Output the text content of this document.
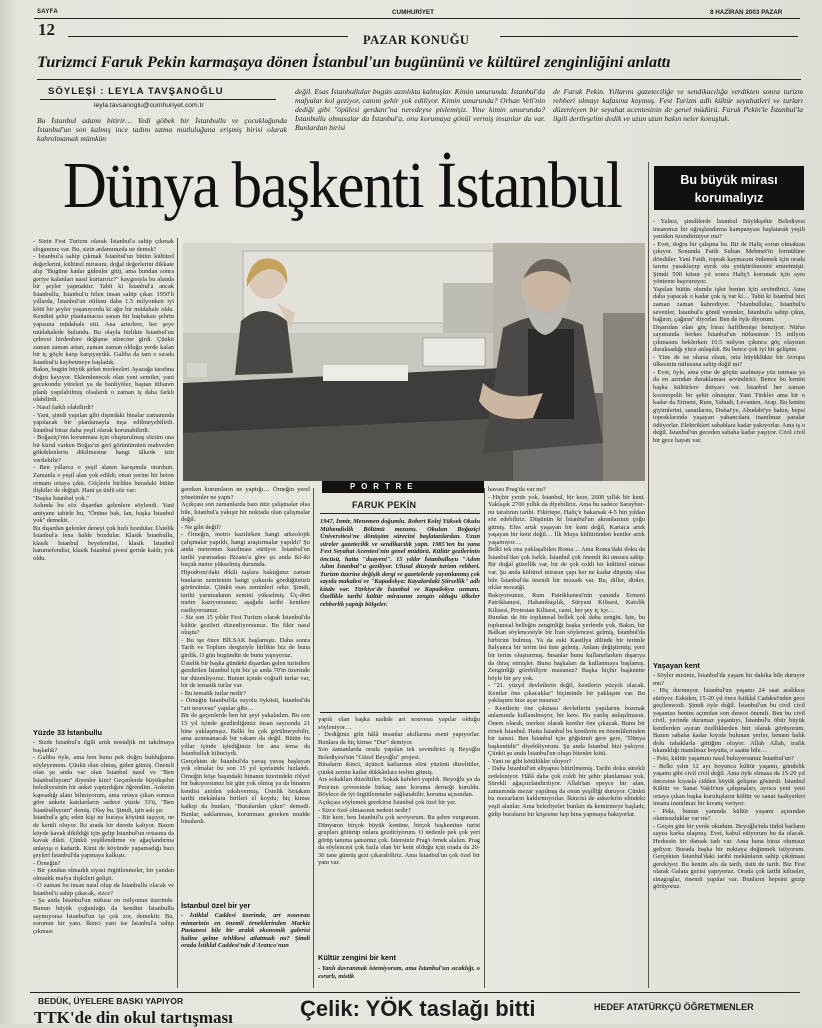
SAYFA	CUMHURİYET	8 HAZİRAN 2003 PAZAR
12
PAZAR KONUĞU
Turizmci Faruk Pekin karmaşaya dönen İstanbul'un bugününü ve kültürel zenginliğini anlattı
SÖYLEŞİ : LEYLA TAVŞANOĞLU
leyla.tavsanoglu@cumhuriyet.com.tr
Bu İstanbul adamı bitirir… Yedi göbek bir İstanbullu ve çocukluğunda İstanbul'un son kalmış ince tadını tatma mutluluğuna erişmiş birisi olarak kahrolmamak mümkün
değil. Esas İstanbullular bugün azınlıkta kalmışlar. Kimin umurunda. İstanbul'da mafyalar kol geziyor, canım şehir yok ediliyor. Kimin umurunda? Orhan Veli'nin dediği gibi "öpülesi gerdanı"na neredeyse pislemişiz. Yine kimin umurunda? İstanbullu olmasalar da İstanbul'a, onu korumaya gönül vermiş insanlar da var. Bunlardan birisi
de Faruk Pekin. Yıllarını gazeteciliğe ve sendikacılığa verdikten sonra turizm rehberi olmayı kafasına koymuş. Fest Turizm adlı kültür seyahatleri ve turları düzenleyen bir seyahat acentesinin de genel müdürü. Faruk Pekin'le İstanbul'la ilgili dertleşelim dedik ve uzun uzun bakın neler konuştuk.
Dünya başkenti İstanbul	Bu büyük mirası korumalıyız

- Yalnız, şimdilerde İstanbul Büyükşehir Belediyesi insanımız bir uğraşlandırma kampanyası başlatarak yeşili yeniden özendirmiyor mu?
- Evet, doğru bir çalışma bu. Bir de Haliç sorun olmaktan çıkıyor. Sonunda Fatih Sultan Mehmet'in formülüne döndüler. Yani Fatih, toprak kaymasını önlemek için orada tarımı yasaklayıp ayrık otu yetiştirilmesini emretmişti. Şimdi 500 küsur yıl sonra Haliç'i korumak için aynı yönteme başvuruyor.
Yapılan bütün olumlu işler benim için sevindirici. Ama daha yapacak o kadar çok iş var ki… Tabii ki İstanbul bizi zaman zaman kahrediyor. "İstanbullular, İstanbul'u sevenler, İstanbul'a gönül verenler, İstanbul'a sahip çıkın, bağırın, çağırın" diyorlar. Ben de öyle diyorum.
Dışarıdan olan göç biraz hafiflemişe benziyor. Nüfus sayımında herkes İstanbul'un nüfusunun 15 milyon çıkmasını beklerken 10.5 milyon çıkınca göç olayının duraksadığı yüce anlaşıldı. Bu bence çok iyi bir gelişme.
- Yine de ne olursa olsun, orta büyüklükte bir Avrupa ülkesinin nüfusuna sahip değil mi?
- Evet, öyle, ama yine de göçün azalmaya yüz tutması ya da en azından duraklaması sevindirici. Bence bu kentin başka kültürlere ihtiyacı var. İstanbul her zaman kozmopolit bir şehir olmuştur. Yani Türkler ama bir o kadar da Ermeni, Rum, Yahudi, Levanten, Arap. Bu kentin giyimlerini, sanatlarını, Dubai'ye, Abudabi'ye bakın, hepsi topraklarında yaşayan yabancılara inanılmaz paralar ödüyorlar. Elektrikleri sabahlara kadar yakıyorlar. Ama iş o değil. İstanbul'un geceden sabaha kadar yaşıyor. Civil civil bir gece hayatı var.

Yaşayan kent

- Söyler misiniz, İstanbul'da yaşam bir dakika bile duruyor mu?
- Hiç durmuyor. İstanbul'un yaşamı 24 saat aralıksız sürüyor. Eskiden, 15-20 yıl önce İstiklal Caddesi'nden gece geçilemezdi. Şimdi öyle değil. İstanbul'un bu civil civil yaşantısı benim açımdan son derece önemli. Ben bu civil civil, yerinde duramaz yaşantıyı, İstanbul'u öbür büyük kentlerden ayıran özelliklerden biri olarak görüyorum. Bazen sabaha kadar kıyıda bulunan yerler, hemen balık dolu tabaklarla gittiğim oluyor. Allah Allah, trafik tıkanıklığı inanılmaz boyutta, o saatte bile…
- Peki, kültür yaşamını nasıl buluyorsunuz İstanbul'un?
- Belki yılın 12 ayı boyunca kültür yaşamı, gündelik yaşamı gibi civil civil değil. Ama öyle olmasa da 15-20 yıl öncesine kıyasla cidden büyük gelişme gösterdi. İstanbul Kültür ve Sanat Vakfı'nın çalışmaları, ayrıca yeni yeni ortaya çıkan başka kuruluşların kültür ve sanat faaliyetleri insana inanılmaz bir kıvanç veriyor.
- Peki, bunun yanında kültür yaşamı açısından olumsuzluklar var mı?
- Geçen gün bir yerde okudum. Beyoğlu'nda türkü barların sayısı karka ulaşmış. Evet, kabul ediyorum bu da olacak. Herkesin bir damak tadı var. Ama bana biraz olumsuz geliyor. Burada başka bir noktaya değinmek istiyorum. Gerçekten İstanbul'daki tarihi mekânların sahip çıkılması gerekiyor. Bu kentin altı da tarih, üstü de tarih. Biz Fest olarak Galata gezisi yapıyoruz. Orada çok tarihi kiliseler, sinagoglar, önemli yapılar var. Bunların hepsini gezip görüyoruz.

PORTRE

- Sizin Fest Turizm olarak İstanbul'a sahip çıkmak sloganınız var. Bu, sizin anlamınızda ne demek?
- İstanbul'a sahip çıkmak İstanbul'un bütün kültürel değerlerini, kültürel mirasını, doğal değerlerini dikkate alıp "Bugüne kadar gidenler gitti, ama bundan sonra geriye kalanları nasıl kurtarırız?" kaygısıyla bu alanda bir şeyler yapmaktır. Tabii ki İstanbul'a ancak İstanbullu, İstanbul'u bilen insan sahip çıkar. 1950'li yıllarda, İstanbul'un nüfusu daha 1.5 milyonken iyi kötü bir şeyler yaşanıyordu ki ağır bir müdahale oldu. Kendini şehir planlamacısı sanan bir başbakan şehrin yapısına müdahale etti. Ana arterlere, her şeye müdahalede bulundu. Bu olayla birlikte İstanbul'un çehresi birdenbire değişme sürecine girdi. Çünkü zaman zaman artan, zaman zaman olduğu yerde kalan bir iç göçle karşı karşıyaydık. Galiba da tam o sırada İstanbul'u kaybetmeye başladık.
Bakın, bugün büyük şirket merkezleri Ayazağa tarafına doğru kayıyor. Eklemlenecek olan yeni semtler, yani gecekondu yöreleri ya da banliyöler, baştan itibaren planlı yapılabilmiş olsalardı o zaman iş daha farklı olabilirdi.
- Nasıl farklı olabilirdi?
- Yani, şimdi yapılan gibi dışındaki binalar zamanında yapılacak bir planlamayla inşa edilmeyebilirdi. İstanbul biraz daha yeşil olarak korunabilirdi.
- Boğaziçi'nin korunması için oluşturulmuş sözüm ona bir kurul varken Boğaz'ın geri görünümünü mahveden gökdelenlerin dikilmesine hangi ülkede izin verilebilir?
- Ben yıllarca o yeşil alanın karışımda oturdum. Zamanla o yeşil alan yok edildi; onun yerine bir beton ormanı ortaya çıktı. Göçlerle birlikte buradaki bütün ilişkiler de değişti. Hani şu ünlü söz var:
"Başka İstanbul yok."
Aslında bu söz dışardan gelenlere söylendi. Yani amiyane tabirle bu, "Önüne bak, lan, başka İstanbul yok" demekti.
Bu dışardan gelenler deneyi çok hızlı bozdular. Üstelik İstanbul'a fena halde bozdular. Klasik İstanbullu, klasik İstanbul beyefendisi, klasik İstanbul hanımefendisi, klasik İstanbul şivesi geride kaldı; yok oldu.

Yüzde 33 İstanbullu

- Sizde İstanbul'a ilgili artık nostaljik mi takılmaya başladık?
- Galiba öyle, ama ben bunu pek doğru bulduğumu söyleyemem. Çünkü olan olmuş, giden gitmiş. Önemli olan şu anda var olan İstanbul nasıl ve "Ben İstanbulluyum" diyenler kim? Geçenlerde büyükşehir belediyesinin bir anket yaptırdığını öğrendim. Anketin kapsadığı alanı bilmiyorum, ama ortaya çıkan sonuca göre ankete katılanların sadece yüzde 33'ü, "Ben İstanbulluyum" demiş. Olay bu. Şimdi, işin aslı şu:
İstanbul'a göç eden kişi ne buraya köyünü taşıyor, ne de kentli oluyor. İki arada bir derede kalıyor. Bazen köyde kavak dikildiği için gelip İstanbul'un ortasına da kavak dikti. Çünkü yeşillendirme ve ağaçlandırma anlayışı o kadardı. Kimi de köyünde yapamadığı bazı şeyleri İstanbul'da yapmaya kalkıştı.
- Örneğin?
- Bir yandan olmadık siyasi örgütlenmeler, bir yandan olmadık mafya ilişkileri gelişti.
- O zaman bu insan nasıl olup da İstanbullu olacak ve İstanbul'u sahip çıkacak, sizce?
- Şu anda İstanbul'un nüfusu on milyonun üzerinde. Bunun büyük çoğunluğu da kendini İstanbullu saymıyorsa İstanbul'un işi çok zor, demektir. Bu, sorunun bir yanı. İkinci yanı ise İstanbul'a sahip çıkması

gereken kurumların ne yaptığı… Örneğin yerel yönetimler ne yaptı?
Açıkçası son zamanlarda bazı titiz çalışmalar olsa bile, İstanbul'a yakışır bir noktada olan çalışmalar değil.
- Ne gibi değil?
- Örneğin, metro kazılırken hangi arkeolojik çalışmalar yapıldı, hangi araştırmalar yapıldı? Şu anda metronun kazılması sürüyor. İstanbul'un tarihi yarımadası Bizans'a göre şu anda iki-iki buçuk metre yükselmiş durumda.
Hipodrom'daki dikili taşlara baktığınız zaman bunların zemininin hangi çukurda gördüğünüzü görürsünüz. Çünkü esas zeminleri odur. Şimdi, tarihi yarımadanın zemini yükselmiş. Üç-dört metre kazıyorsunuz; aşağıda tarihi kentlere rastlıyorsunuz.
- Siz son 15 yıldır Fest Turizm olarak İstanbul'da kültür gezileri düzenliyorsunuz. Bu fikir nasıl oluştu?
- Bu işe önce BİLSAK başlamıştı. Daha sonra Tarih ve Toplum dergisiyle birlikte biz de buna girdik. O gün bugündür de bunu yapıyoruz.
Üstelik bir başka gündeki dışardan gelen turistlere gezdirilen İstanbul için biz şu anda 70'in üzerinde tur düzenliyoruz. Bunun içinde coğrafi turlar var, bir de tematik turlar var.
- Bu tematik turlar nedir?
- Örneğin İstanbul'da suyolu öyküsü, İstanbul'da "art nouveau" yapılar gibi…
Bir de geçenlerde ben bir şeyi yakaladım. Bu son 15 yıl içinde gezdirdiğimiz insan sayısında 21 bine yaklaşmışız. Belki bu çok görülmeyebilir, ama azımsanacak bir rakam da değil. Bütün bu yıllar içinde işlediğimiz bir ana tema da İstanbulluk bilinciydi.
Gerçekten de İstanbul'da yavaş yavaş başlayan yok olmalar bu son 15 yıl içerisinde hızlandı. Örneğin köşe başındaki binanın üzerindeki rölyef bir bakıyorsunuz bir gün yok olmuş ya da binanın kendisi aniden yıkılıvermiş. Üstelik birtakım tarihi mekânlara birileri el koydu; hiç kimse kalkıp da bunları, "Buralardan çıkın" demedi. Bunlar, saklanması, korunması gereken mudde binalardı.

İstanbul özel bir yer

- İstiklal Caddesi üzerinde, art nouveau mimarinin en önemli örneklerinden Markiz Pastanesi bile bir aralık ekonomik galerisi haline gelme tehlikesi atlatmadı mı? Şimdi orada İstiklal Caddesi'nde d'Aranco'nun

FARUK PEKİN

1947, İzmir, Menemen doğumlu. Robert Kolej Yüksek Okulu Mühendislik Bölümü mezunu. Okulun Boğaziçi Üniversitesi'ne dönüşüm sürecini başlatanlardan. Uzun süreler gazetecilik ve sendikacılık yaptı. 1985'ten bu yana Fest Seyahat Acentesi'nin genel müdürü. Kültür gezilerinin öncüsü, hatta "duayeni". 15 yıldır İstanbulluyu "Adım Adım İstanbul"u geziliyor. Ulusal düzeyde turizm rehberi. Turizm üzerine değişik dergi ve gazetelerde yayımlanmış çok sayıda makalesi ve "Kapadokya: Kayalardaki Şiirsellik" adlı kitabı var. Türkiye'de İstanbul ve Kapadokya uzmanı. Özellikle tarihi kültür mirasının zengin olduğu ülkeler rehberlik yaptığı bölgeler.

yapılı olan başka nadide art nouveau yapılar olduğu söyleniyor…
- Dediğiniz gibi hâlâ insanlar akıllarına eseni yapıyorlar. Bunlara da hiç kimse "Dur" demiyor.
Son zamanlarda orada yapılan tek sevindirici iş Beyoğlu Belediyesi'nin "Güzel Beyoğlu" projesi.
Binaların ikinci, üçüncü katlarının elini yüzünü düzelttiler, çünkü zemin katlar dükkânlara teslim gitmiş.
Ars sokakları düzelttiler. Sokak kafeleri yapıldı. Beyoğlu ya da Pera'nın çevresinde birkaç tane koruma derneği kuruldu. Böylece de iyi örgütlenmeler sağlanabilir, koruma açısından.
Açıkçası söylemek gerekirse İstanbul çok özel bir yer.
- Sizce özel olmasının nedeni nedir?
- Bir kere, ben İstanbul'u çok seviyorum. Bu şehre vurgunum. Dünyanın birçok büyük kentine, birçok başkentine turist grupları götürüp onlara gezdiriyorum. O nedenle pek çok yeri görüp tanıma şansımız çok. İstersiniz Prag'ı örnek alalım. Prag da söylencesi çok fazla olan bir kent olduğu için orada da 20-30 tane gümüş gezi çıkarabiliriz. Ama İstanbul'un çok özel bir yanı var.

Kültür zengini bir kent

- Yanlı davranmak istemiyorum, ama İstanbul'un sıcaklığı, o esrarlı, mistik

havası Prag'da var mı?
- Hiçbir yerde yok. İstanbul, bir kere, 2600 yıllık bir kent. Yaklaşık 2700 yıllık da diyebiliriz. Ama bu sadece Sarayburnu tarafının tarihi. Fikirtepe, Haliç'e bakarsak 4-5 bin yıldan söz edebiliriz. Düşünün ki İstanbul'un akranlarının çoğu gitmiş. Efes artık yaşayan bir kent değil, Kartaca artık yaşayan bir kent değil… İlk Maya kültüründen kentler artık yaşamıyor…
Belki tek ona yaklaşabilen Roma… Ama Roma'daki doku da İstanbul'dan çok farklı. İstanbul çok önemli iki unsura sahip. Bir doğal güzellik var, bir de çok coldi bir kültürel mirası var. Şu anda kültürel mirasın çapı her ne kadar düşmüş olsa bile İstanbul'da önemli bir mozaik var. Bu, diller, dinler, ırklar mozaiği.
Bakıyorsunuz, Rum Patrikhanesi'nin yanında Ermeni Patrikhanesi, Hahambaşılık, Süryani Kilisesi, Katolik Kilisesi, Protestan Kilisesi, cami, her şey iç içe…
Bundan da öte toplumsal bellek çok daha zengin. İşte, bu toplumsal belleğin zenginliği başka yerlerde yok. Bakın, bir Balkan söylencesiyle bir İran söylencesi gelmiş, İstanbul'da birbirini bulmuş. Ya da eski Kastilya dilinde bir terimle İtalyanca bir terim üst üste gelmiş. Anlam değiştirmiş; yeni bir terim oluşturmuş. İnsanlar bunu kullanırlarken dışarıya da ihraç etmişler. Bunu başkaları da kullanmaya başlamış. Zenginliği görebiliyor musunuz? Başka hiçbir başkentte böyle bir şey yok.
- "21. yüzyıl devletlerin değil, kentlerin yüzyılı olacak. Kentler öne çıkacaklar" biçiminde bir yaklaşım var. Bu yaklaşımı bize açar mısınız?
- Kentlerin öne çıkması devletlerin yapılarını bozmak anlamında kullanılmıyor, bir kere. Bu yanlış anlaşılmasın. Önem olarak, merkez olarak kentler öne çıkacak. Bunu bir örnek İstanbul. Hatta İstanbul bu kentlerin en önemlilerinden bir tanesi. Ben İstanbul için göğsümü gere gere, "Dünya başkentidir" diyebiliyorum. Şu anda İstanbul bizi yakıyor. Çünkü şu anda İstanbul'un oluşu bitenler kötü.
- Yani ne gibi kötülükler oluyor?
- Daha İstanbul'un altyapısı bitirilmemiş. Tarihi doku sürekli zedeleniyor. Hâlâ daha çok coldi bir şehir planlaması yok. Sürekli ağaçsızlandırılıyor. Allah'tan epeyce bir alan, zamanında mezar yapılmış da onun yeşilliği duruyor. Çünkü bu mezarların kaldırmıyorlar. İkincisi de askerlerin elindeki yeşil alanlar. Ama belediyeler bunları da kemirmeye başladı; gidip buraların bir köşesine hep bina yapmaya bakıyorlar.

BEDÜK, ÜYELERE BASKI YAPIYOR
TTK'de din okul tartışması	Çelik: YÖK taslağı bitti	HEDEF ATATÜRKÇÜ ÖĞRETMENLER
